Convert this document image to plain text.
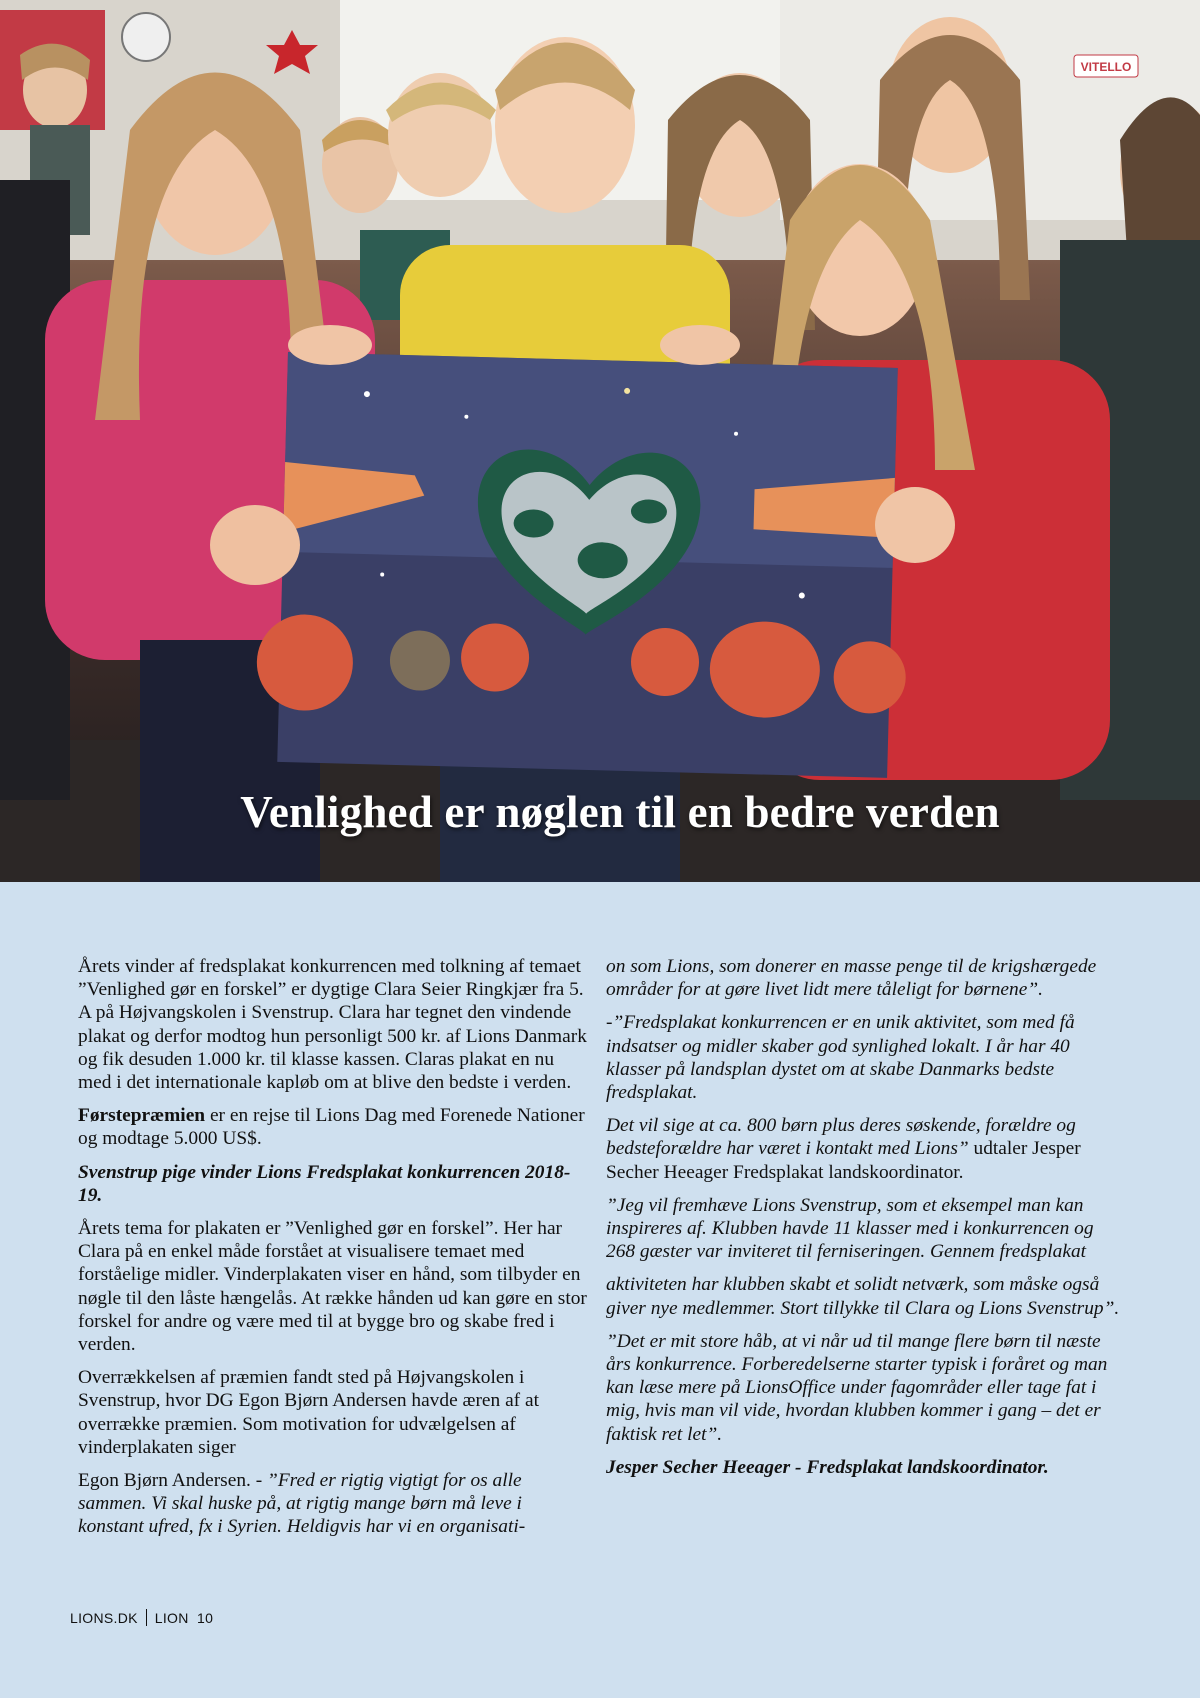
VITELLO
Venlighed er nøglen til en bedre verden

Årets vinder af fredsplakat konkurrencen med tolkning af temaet ”Venlighed gør en forskel” er dygtige Clara Seier Ringkjær fra 5. A på Højvangskolen i Svenstrup. Clara har tegnet den vindende plakat og derfor modtog hun personligt 500 kr. af Lions Danmark og fik desuden 1.000 kr. til klasse kassen. Claras plakat en nu med i det internationale kapløb om at blive den bedste i verden.

Førstepræmien er en rejse til Lions Dag med Forenede Nationer og modtage 5.000 US$.

Svenstrup pige vinder Lions Fredsplakat konkurrencen 2018-19.

Årets tema for plakaten er ”Venlighed gør en forskel”. Her har Clara på en enkel måde forstået at visualisere temaet med forståelige midler. Vinderplakaten viser en hånd, som tilbyder en nøgle til den låste hængelås. At række hånden ud kan gøre en stor forskel for andre og være med til at bygge bro og skabe fred i verden.

Overrækkelsen af præmien fandt sted på Højvangskolen i Svenstrup, hvor DG Egon Bjørn Andersen havde æren af at overrække præmien. Som motivation for udvælgelsen af vinderplakaten siger

Egon Bjørn Andersen. - ”Fred er rigtig vigtigt for os alle sammen. Vi skal huske på, at rigtig mange børn må leve i konstant ufred, fx i Syrien. Heldigvis har vi en organisati-

on som Lions, som donerer en masse penge til de krigshærgede områder for at gøre livet lidt mere tåleligt for børnene”.

-”Fredsplakat konkurrencen er en unik aktivitet, som med få indsatser og midler skaber god synlighed lokalt. I år har 40 klasser på landsplan dystet om at skabe Danmarks bedste fredsplakat.

Det vil sige at ca. 800 børn plus deres søskende, forældre og bedsteforældre har været i kontakt med Lions” udtaler Jesper Secher Heeager Fredsplakat landskoordinator.

”Jeg vil fremhæve Lions Svenstrup, som et eksempel man kan inspireres af. Klubben havde 11 klasser med i konkurrencen og 268 gæster var inviteret til ferniseringen. Gennem fredsplakat

aktiviteten har klubben skabt et solidt netværk, som måske også giver nye medlemmer. Stort tillykke til Clara og Lions Svenstrup”.

”Det er mit store håb, at vi når ud til mange flere børn til næste års konkurrence. Forberedelserne starter typisk i foråret og man kan læse mere på LionsOffice under fagområder eller tage fat i mig, hvis man vil vide, hvordan klubben kommer i gang – det er faktisk ret let”.

Jesper Secher Heeager - Fredsplakat landskoordinator.

LIONS.DK LION 10
